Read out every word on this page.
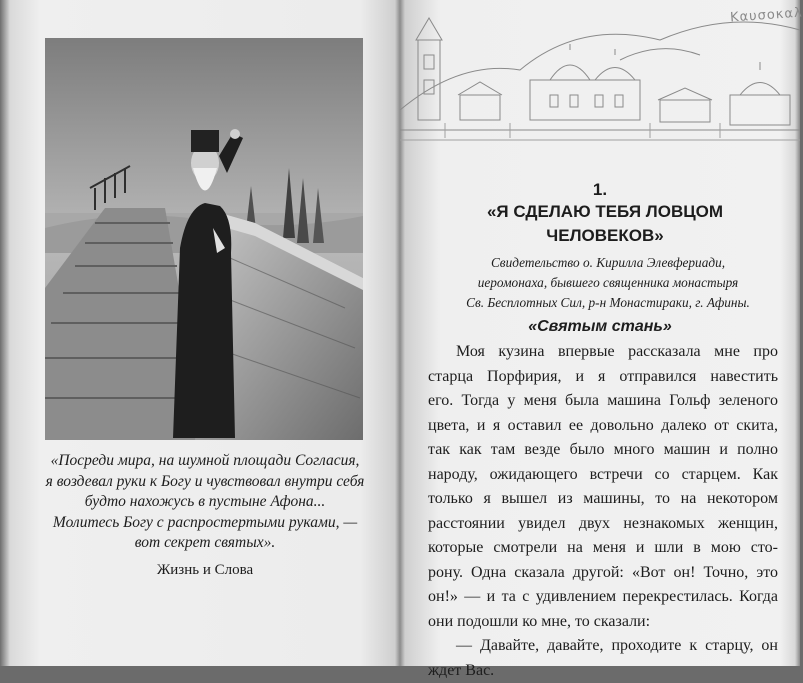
«Посреди мира, на шумной площади Согласия,

я воздевал руки к Богу и чувствовал внутри себя

будто нахожусь в пустыне Афона...

Молитесь Богу с распростертыми руками, —

вот секрет святых».

Жизнь и Слова
Καυσοκαλ
1.
«Я СДЕЛАЮ ТЕБЯ ЛОВЦОМ
ЧЕЛОВЕКОВ»

Свидетельство о. Кирилла Элевфериади,

иеромонаха, бывшего священника монастыря

Св. Бесплотных Сил, р-н Монастираки, г. Афины.

«Святым стань»
Моя кузина впервые рассказала мне про
старца Порфирия, и я отправился навестить
его. Тогда у меня была машина Гольф зеленого
цвета, и я оставил ее довольно далеко от скита,
так как там везде было много машин и полно
народу, ожидающего встречи со старцем. Как
только я вышел из машины, то на некотором
расстоянии увидел двух незнакомых женщин,
которые смотрели на меня и шли в мою сто-
рону. Одна сказала другой: «Вот он! Точно, это
он!» — и та с удивлением перекрестилась. Когда
они подошли ко мне, то сказали:
— Давайте, давайте, проходите к старцу, он
ждет Вас.
